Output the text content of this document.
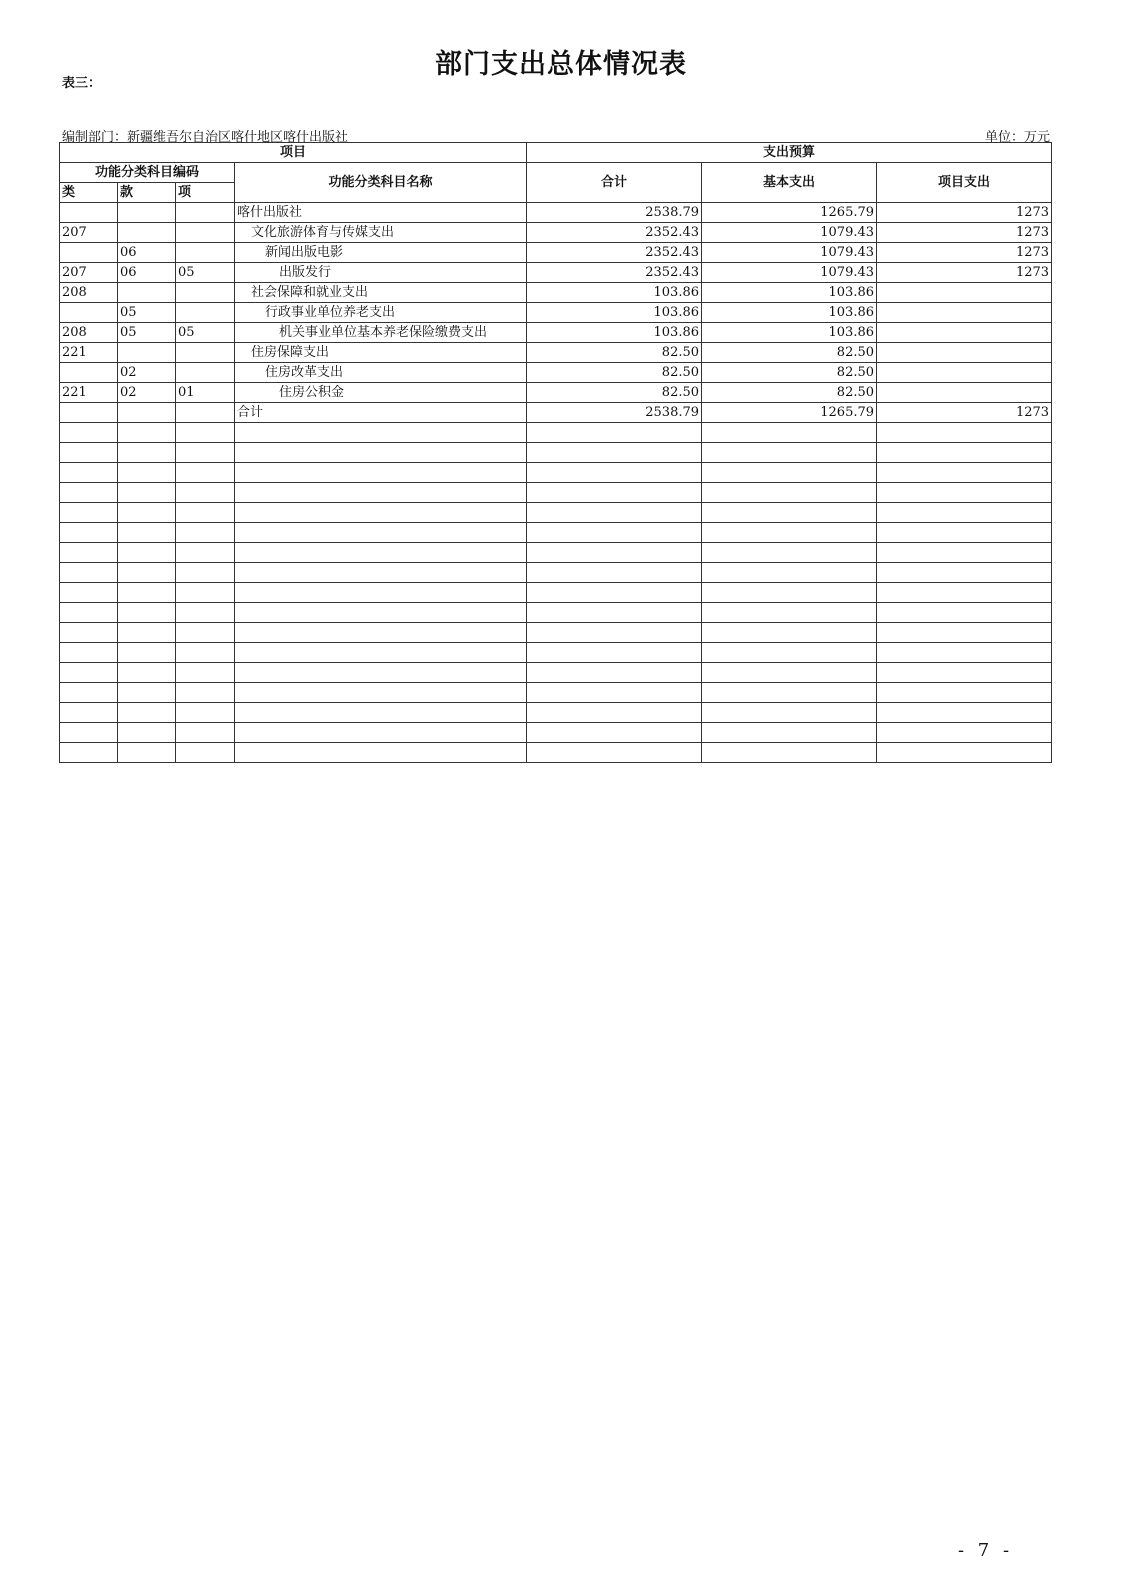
部门支出总体情况表
表三：
编制部门：新疆维吾尔自治区喀什地区喀什出版社	单位：万元
项目				支出预算		
功能分类科目编码			功能分类科目名称	合计	基本支出	项目支出
类	款	项				
			喀什出版社	2538.79	1265.79	1273
207			文化旅游体育与传媒支出	2352.43	1079.43	1273
	06		新闻出版电影	2352.43	1079.43	1273
207	06	05	出版发行	2352.43	1079.43	1273
208			社会保障和就业支出	103.86	103.86	
	05		行政事业单位养老支出	103.86	103.86	
208	05	05	机关事业单位基本养老保险缴费支出	103.86	103.86	
221			住房保障支出	82.50	82.50	
	02		住房改革支出	82.50	82.50	
221	02	01	住房公积金	82.50	82.50	
			合计	2538.79	1265.79	1273

- 7 -
